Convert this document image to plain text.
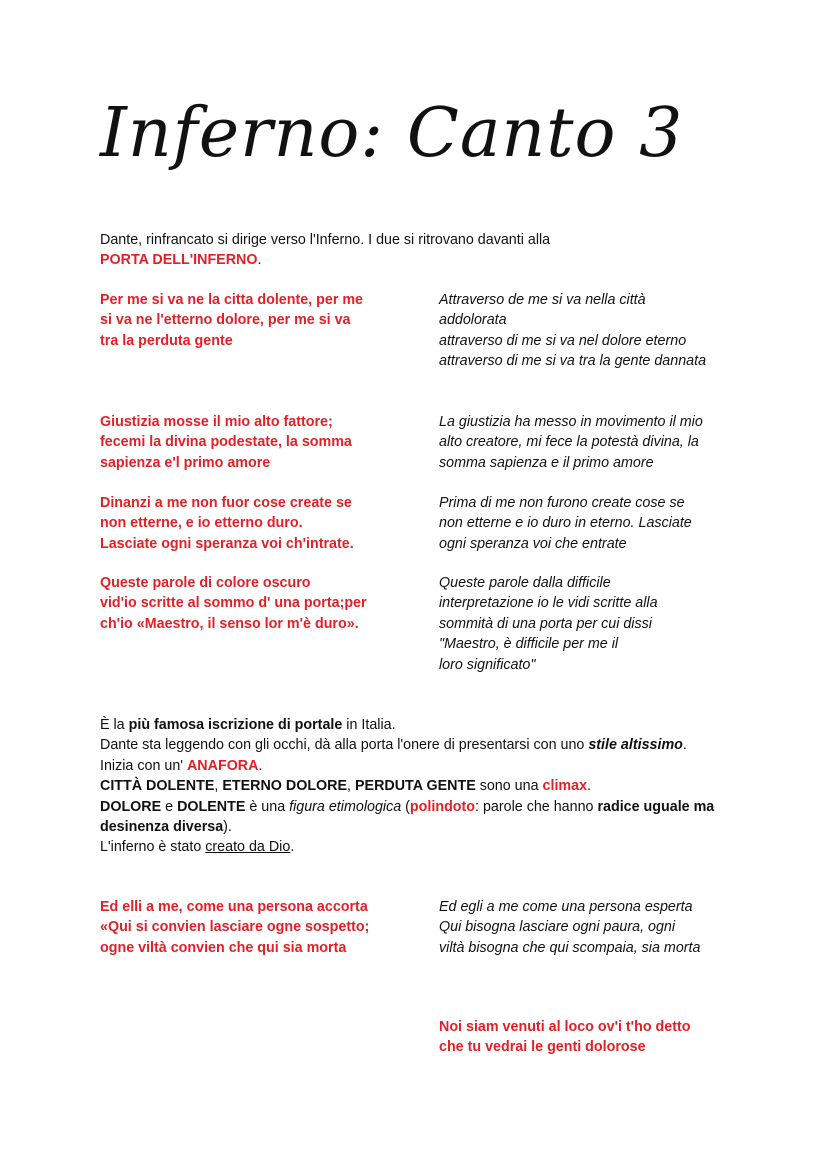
Inferno: Canto 3
Dante, rinfrancato si dirige verso l'Inferno. I due si ritrovano davanti alla
PORTA DELL'INFERNO.
Per me si va ne la citta dolente, per me
si va ne l'etterno dolore, per me si va
tra la perduta gente
Attraverso de me si va nella città
addolorata
attraverso di me si va nel dolore eterno
attraverso di me si va tra la gente dannata
Giustizia mosse il mio alto fattore;
fecemi la divina podestate, la somma
sapienza e'l primo amore
La giustizia ha messo in movimento il mio
alto creatore, mi fece la potestà divina, la
somma sapienza e il primo amore
Dinanzi a me non fuor cose create se
non etterne, e io etterno duro.
Lasciate ogni speranza voi ch'intrate.
Prima di me non furono create cose se
non etterne e io duro in eterno. Lasciate
ogni speranza voi che entrate
Queste parole di colore oscuro
vid'io scritte al sommo d' una porta;per
ch'io «Maestro, il senso lor m'è duro».
Queste parole dalla difficile
interpretazione io le vidi scritte alla
sommità di una porta per cui dissi
"Maestro, è difficile per me il
loro significato"

È la più famosa iscrizione di portale in Italia.

Dante sta leggendo con gli occhi, dà alla porta l'onere di presentarsi con uno stile altissimo.

Inizia con un' ANAFORA.

CITTÀ DOLENTE, ETERNO DOLORE, PERDUTA GENTE sono una climax.

DOLORE e DOLENTE è una figura etimologica (polindoto: parole che hanno radice uguale ma desinenza diversa).

L'inferno è stato creato da Dio.

Ed elli a me, come una persona accorta
«Qui si convien lasciare ogne sospetto;
ogne viltà convien che qui sia morta
Ed egli a me come una persona esperta
Qui bisogna lasciare ogni paura, ogni
viltà bisogna che qui scompaia, sia morta
Noi siam venuti al loco ov'i t'ho detto
che tu vedrai le genti dolorose
